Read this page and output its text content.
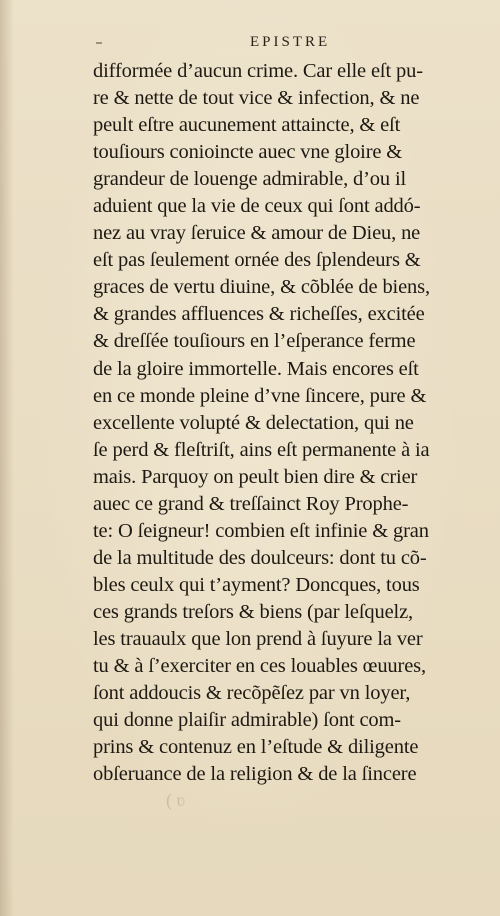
EPISTRE
difformée d’aucun crime. Car elle eſt pu-
re & nette de tout vice & infection, & ne
peult eſtre aucunement attaincte, & eſt
touſiours conioincte auec vne gloire &
grandeur de louenge admirable, d’ou il
aduient que la vie de ceux qui ſont addó-
nez au vray ſeruice & amour de Dieu, ne
eſt pas ſeulement ornée des ſplendeurs &
graces de vertu diuine, & cõblée de biens,
& grandes affluences & richeſſes, excitée
& dreſſée touſiours en l’eſperance ferme
de la gloire immortelle. Mais encores eſt
en ce monde pleine d’vne ſincere, pure &
excellente volupté & delectation, qui ne
ſe perd & fleſtriſt, ains eſt permanente à ia
mais. Parquoy on peult bien dire & crier
auec ce grand & treſſainct Roy Prophe-
te: O ſeigneur! combien eſt infinie & gran
de la multitude des doulceurs: dont tu cõ-
bles ceulx qui t’ayment? Doncques, tous
ces grands treſors & biens (par leſquelz,
les trauaulx que lon prend à ſuyure la ver
tu & à ſ’exerciter en ces louables œuures,
ſont addoucis & recõpẽſez par vn loyer,
qui donne plaiſir admirable) ſont com-
prins & contenuz en l’eſtude & diligente
obſeruance de la religion & de la ſincere
( ʋ
